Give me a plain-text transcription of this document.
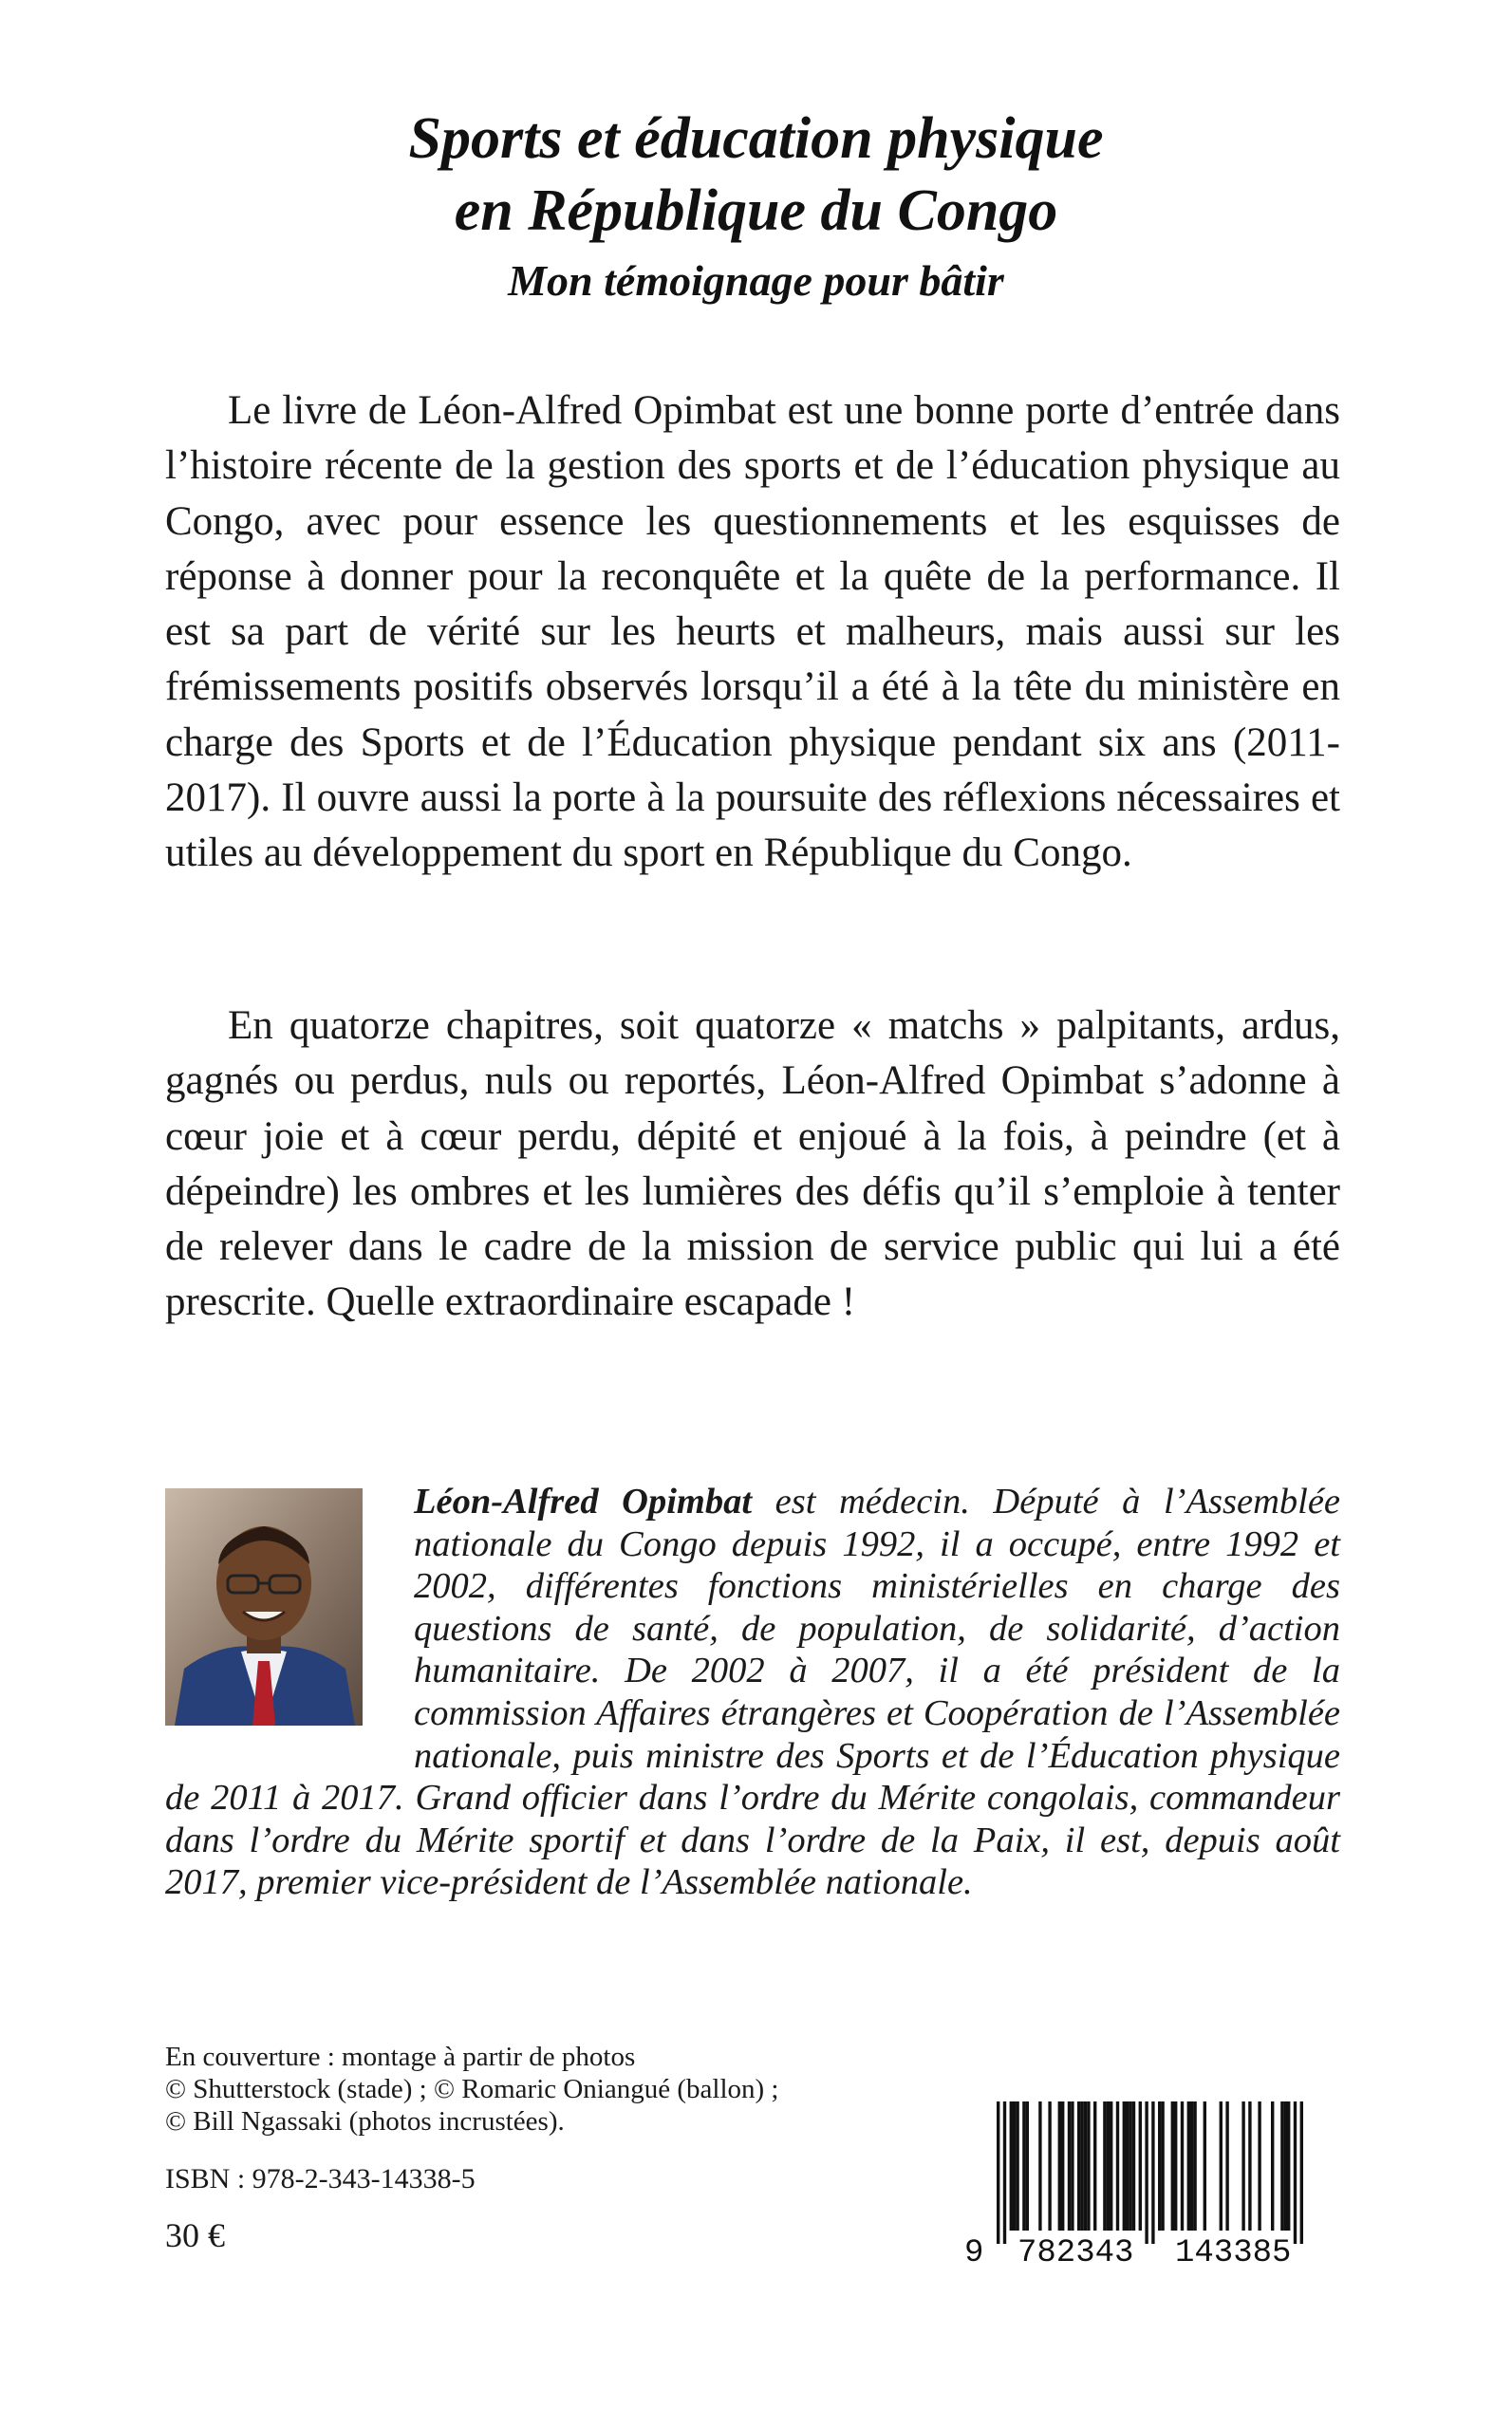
Sports et éducation physique
en République du Congo
Mon témoignage pour bâtir
Le livre de Léon-Alfred Opimbat est une bonne porte d’entrée dans l’histoire récente de la gestion des sports et de l’éducation physique au Congo, avec pour essence les questionnements et les esquisses de réponse à donner pour la reconquête et la quête de la performance. Il est sa part de vérité sur les heurts et malheurs, mais aussi sur les frémissements positifs observés lorsqu’il a été à la tête du ministère en charge des Sports et de l’Éducation physique pendant six ans (2011-2017). Il ouvre aussi la porte à la poursuite des réflexions nécessaires et utiles au développement du sport en République du Congo.
En quatorze chapitres, soit quatorze « matchs » palpitants, ardus, gagnés ou perdus, nuls ou reportés, Léon-Alfred Opimbat s’adonne à cœur joie et à cœur perdu, dépité et enjoué à la fois, à peindre (et à dépeindre) les ombres et les lumières des défis qu’il s’emploie à tenter de relever dans le cadre de la mission de service public qui lui a été prescrite. Quelle extraordinaire escapade !
Léon-Alfred Opimbat est médecin. Député à l’Assemblée nationale du Congo depuis 1992, il a occupé, entre 1992 et 2002, différentes fonctions ministérielles en charge des questions de santé, de population, de solidarité, d’action humanitaire. De 2002 à 2007, il a été président de la commission Affaires étrangères et Coopération de l’Assemblée nationale, puis ministre des Sports et de l’Éducation physique de 2011 à 2017. Grand officier dans l’ordre du Mérite congolais, commandeur dans l’ordre du Mérite sportif et dans l’ordre de la Paix, il est, depuis août 2017, premier vice-président de l’Assemblée nationale.
En couverture : montage à partir de photos
© Shutterstock (stade) ; © Romaric Oniangué (ballon) ;
© Bill Ngassaki (photos incrustées).
ISBN : 978-2-343-14338-5
30 €	9 782343 143385
